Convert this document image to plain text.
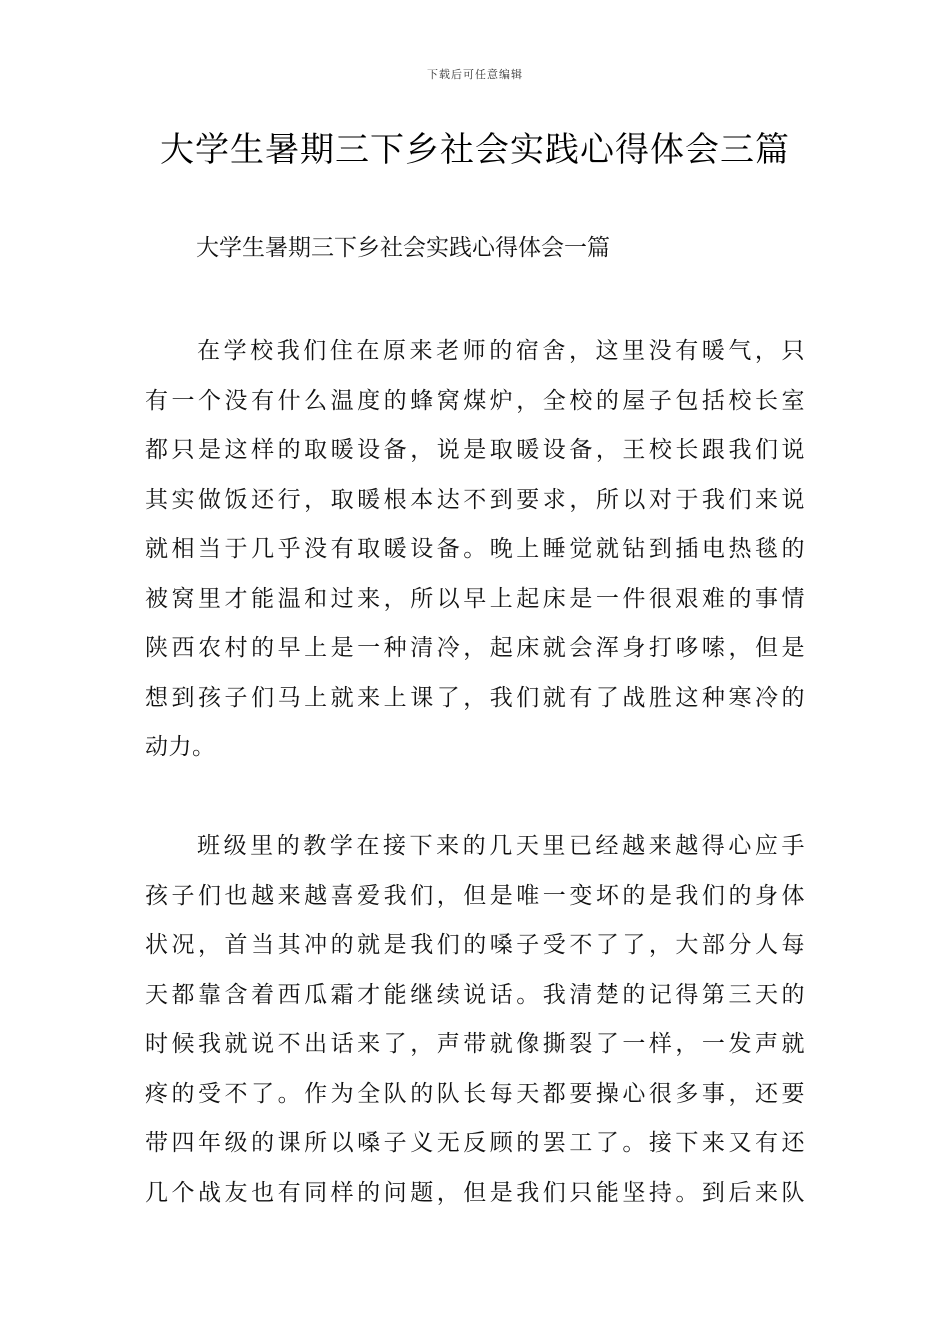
下载后可任意编辑
大学生暑期三下乡社会实践心得体会三篇
大学生暑期三下乡社会实践心得体会一篇
在学校我们住在原来老师的宿舍，这里没有暖气，只
有一个没有什么温度的蜂窝煤炉，全校的屋子包括校长室
都只是这样的取暖设备，说是取暖设备，王校长跟我们说
其实做饭还行，取暖根本达不到要求，所以对于我们来说
就相当于几乎没有取暖设备。晚上睡觉就钻到插电热毯的
被窝里才能温和过来，所以早上起床是一件很艰难的事情
陕西农村的早上是一种清冷，起床就会浑身打哆嗦，但是
想到孩子们马上就来上课了，我们就有了战胜这种寒冷的
动力。
班级里的教学在接下来的几天里已经越来越得心应手
孩子们也越来越喜爱我们，但是唯一变坏的是我们的身体
状况，首当其冲的就是我们的嗓子受不了了，大部分人每
天都靠含着西瓜霜才能继续说话。我清楚的记得第三天的
时候我就说不出话来了，声带就像撕裂了一样，一发声就
疼的受不了。作为全队的队长每天都要操心很多事，还要
带四年级的课所以嗓子义无反顾的罢工了。接下来又有还
几个战友也有同样的问题，但是我们只能坚持。到后来队
